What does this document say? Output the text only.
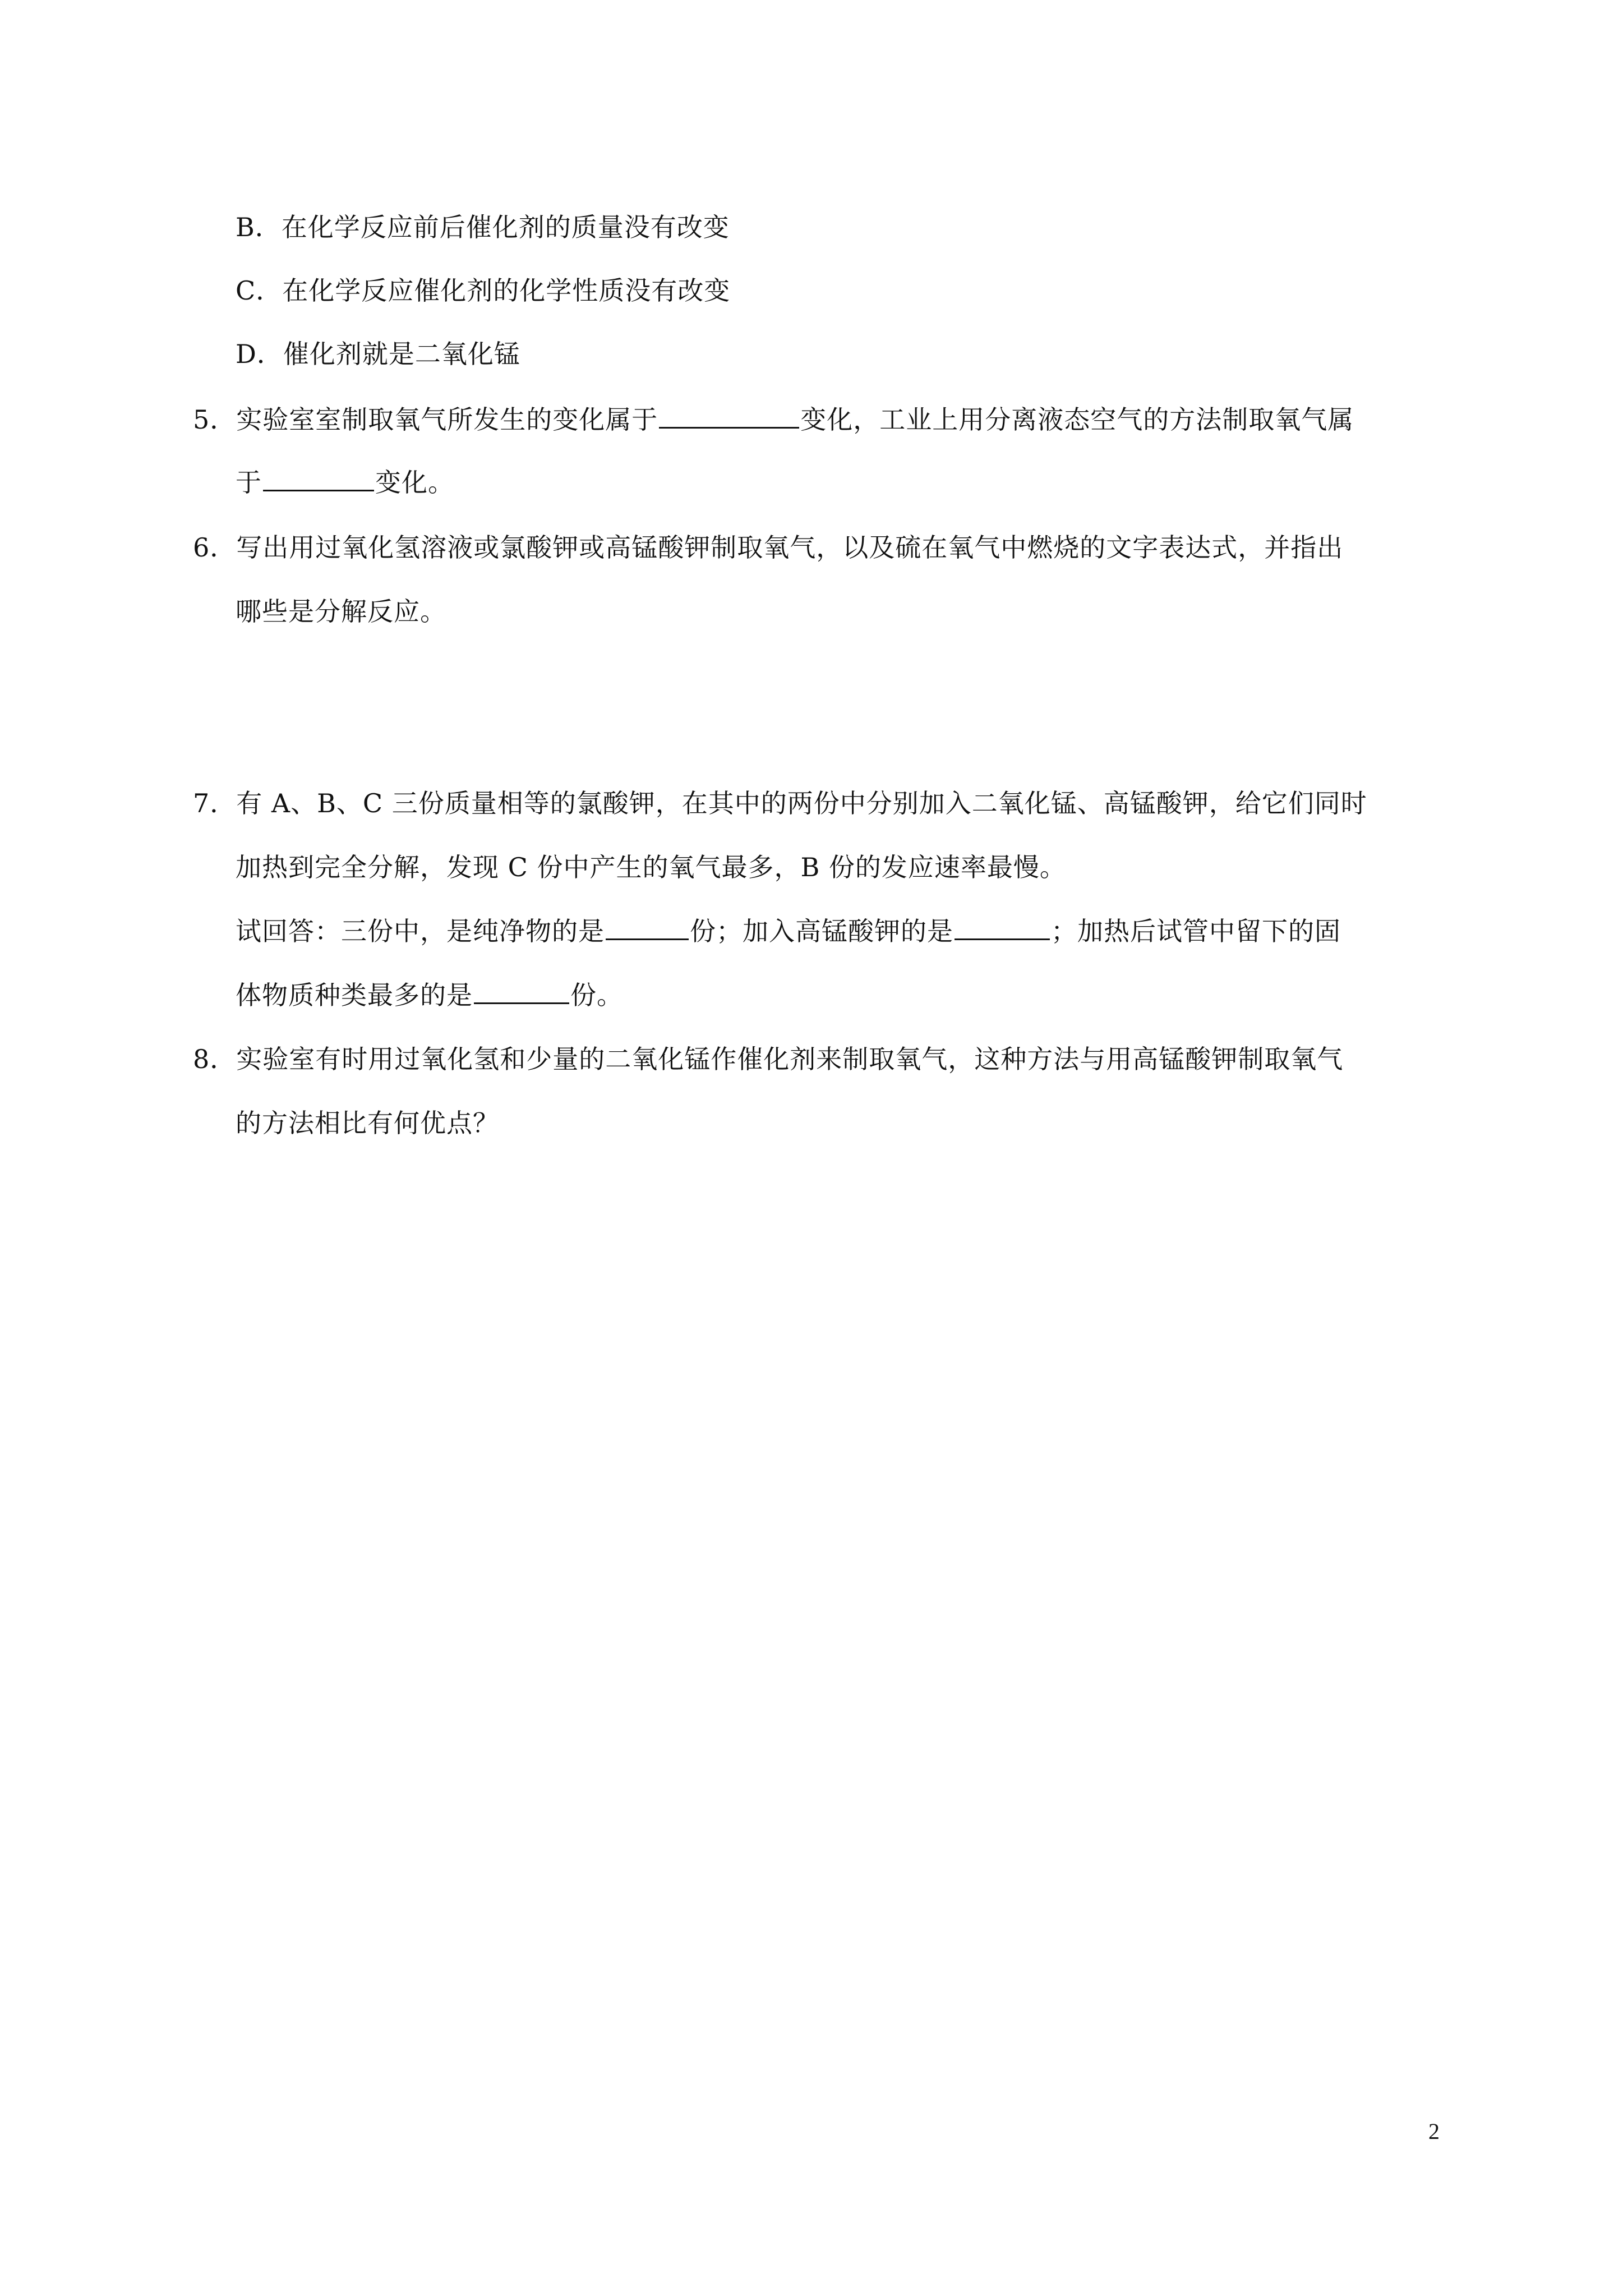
B．在化学反应前后催化剂的质量没有改变
C．在化学反应催化剂的化学性质没有改变
D．催化剂就是二氧化锰
5．实验室室制取氧气所发生的变化属于	变化，工业上用分离液态空气的方法制取氧气属
于	变化。
6．写出用过氧化氢溶液或氯酸钾或高锰酸钾制取氧气，以及硫在氧气中燃烧的文字表达式，并指出
哪些是分解反应。
7．有 A、B、C 三份质量相等的氯酸钾，在其中的两份中分别加入二氧化锰、高锰酸钾，给它们同时
加热到完全分解，发现 C 份中产生的氧气最多，B 份的发应速率最慢。
试回答：三份中，是纯净物的是	份；加入高锰酸钾的是	；加热后试管中留下的固
体物质种类最多的是	份。
8．实验室有时用过氧化氢和少量的二氧化锰作催化剂来制取氧气，这种方法与用高锰酸钾制取氧气
的方法相比有何优点？
2
